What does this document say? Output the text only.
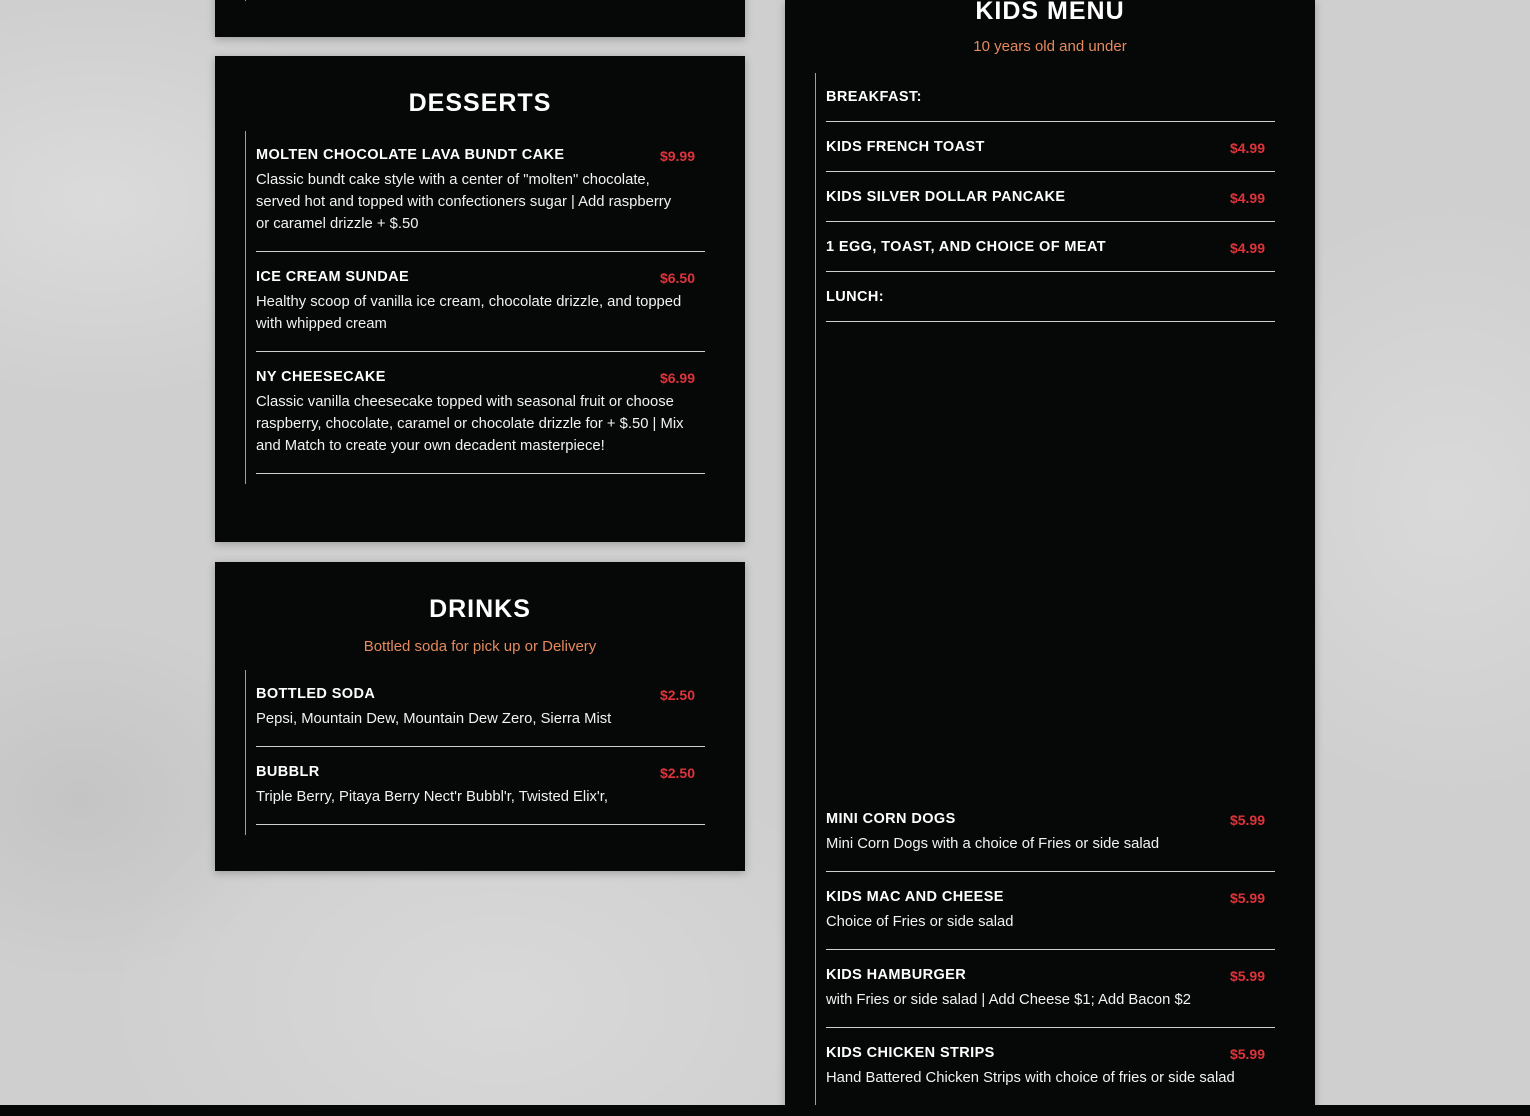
DESSERTS
MOLTEN CHOCOLATE LAVA BUNDT CAKE	$9.99
Classic bundt cake style with a center of "molten" chocolate, served hot and topped with confectioners sugar | Add raspberry or caramel drizzle + $.50
ICE CREAM SUNDAE	$6.50
Healthy scoop of vanilla ice cream, chocolate drizzle, and topped with whipped cream
NY CHEESECAKE	$6.99
Classic vanilla cheesecake topped with seasonal fruit or choose raspberry, chocolate, caramel or chocolate drizzle for + $.50 | Mix and Match to create your own decadent masterpiece!
DRINKS
Bottled soda for pick up or Delivery
BOTTLED SODA	$2.50
Pepsi, Mountain Dew, Mountain Dew Zero, Sierra Mist
BUBBLR	$2.50
Triple Berry, Pitaya Berry Nect'r Bubbl'r, Twisted Elix'r,
KIDS MENU
10 years old and under
BREAKFAST:
KIDS FRENCH TOAST	$4.99
KIDS SILVER DOLLAR PANCAKE	$4.99
1 EGG, TOAST, AND CHOICE OF MEAT	$4.99
LUNCH:
MINI CORN DOGS	$5.99
Mini Corn Dogs with a choice of Fries or side salad
KIDS MAC AND CHEESE	$5.99
Choice of Fries or side salad
KIDS HAMBURGER	$5.99
with Fries or side salad | Add Cheese $1; Add Bacon $2
KIDS CHICKEN STRIPS	$5.99
Hand Battered Chicken Strips with choice of fries or side salad
